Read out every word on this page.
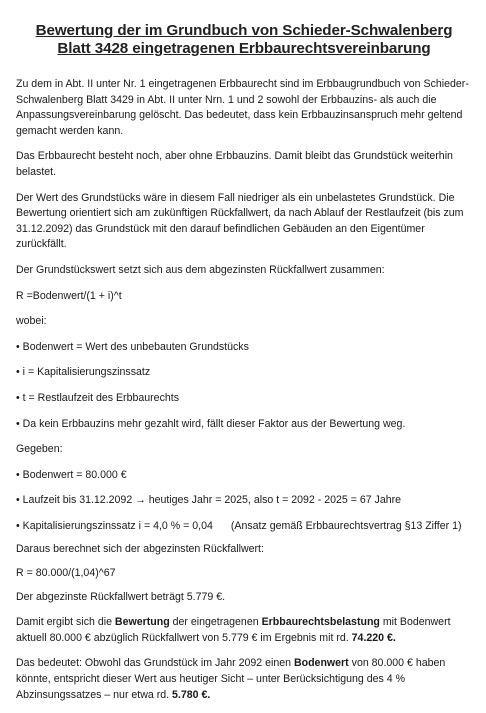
Bewertung der im Grundbuch von Schieder-Schwalenberg
Blatt 3428 eingetragenen Erbbaurechtsvereinbarung

Zu dem in Abt. II unter Nr. 1 eingetragenen Erbbaurecht sind im Erbbaugrundbuch von Schieder-Schwalenberg Blatt 3429 in Abt. II unter Nrn. 1 und 2 sowohl der Erbbauzins- als auch die Anpassungsvereinbarung gelöscht. Das bedeutet, dass kein Erbbauzinsanspruch mehr geltend gemacht werden kann.

Das Erbbaurecht besteht noch, aber ohne Erbbauzins. Damit bleibt das Grundstück weiterhin belastet.

Der Wert des Grundstücks wäre in diesem Fall niedriger als ein unbelastetes Grundstück. Die Bewertung orientiert sich am zukünftigen Rückfallwert, da nach Ablauf der Restlaufzeit (bis zum 31.12.2092) das Grundstück mit den darauf befindlichen Gebäuden an den Eigentümer zurückfällt.

Der Grundstückswert setzt sich aus dem abgezinsten Rückfallwert zusammen:

R =Bodenwert/(1 + i)^t

wobei:

• Bodenwert = Wert des unbebauten Grundstücks

• i = Kapitalisierungszinssatz

• t = Restlaufzeit des Erbbaurechts

• Da kein Erbbauzins mehr gezahlt wird, fällt dieser Faktor aus der Bewertung weg.

Gegeben:

• Bodenwert = 80.000 €

• Laufzeit bis 31.12.2092 → heutiges Jahr = 2025, also t = 2092 - 2025 = 67 Jahre

• Kapitalisierungszinssatz i = 4,0 % = 0,04 (Ansatz gemäß Erbbaurechtsvertrag §13 Ziffer 1)

Daraus berechnet sich der abgezinsten Rückfallwert:

R = 80.000/(1,04)^67

Der abgezinste Rückfallwert beträgt 5.779 €.

Damit ergibt sich die Bewertung der eingetragenen Erbbaurechtsbelastung mit Bodenwert aktuell 80.000 € abzüglich Rückfallwert von 5.779 € im Ergebnis mit rd. 74.220 €.

Das bedeutet: Obwohl das Grundstück im Jahr 2092 einen Bodenwert von 80.000 € haben könnte, entspricht dieser Wert aus heutiger Sicht – unter Berücksichtigung des 4 % Abzinsungssatzes – nur etwa rd. 5.780 €.
